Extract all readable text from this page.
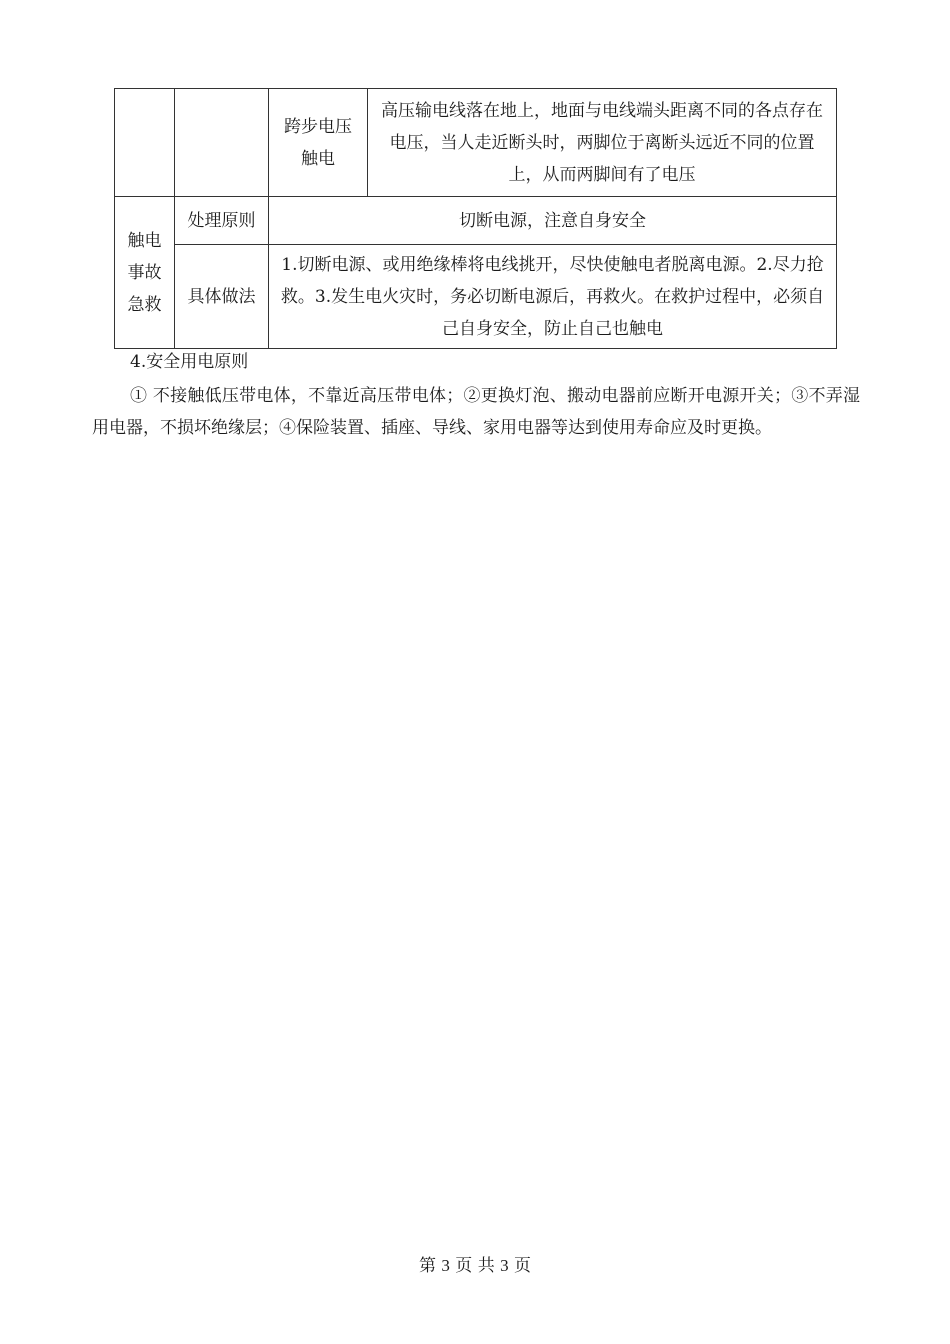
		跨步电压触电	高压输电线落在地上，地面与电线端头距离不同的各点存在电压，当人走近断头时，两脚位于离断头远近不同的位置上，从而两脚间有了电压

触电事故急救	处理原则	切断电源，注意自身安全	
	具体做法	1.切断电源、或用绝缘棒将电线挑开，尽快使触电者脱离电源。2.尽力抢救。3.发生电火灾时，务必切断电源后，再救火。在救护过程中，必须自己自身安全，防止自己也触电	
4.安全用电原则
① 不接触低压带电体，不靠近高压带电体；②更换灯泡、搬动电器前应断开电源开关；③不弄湿用电器，不损坏绝缘层；④保险装置、插座、导线、家用电器等达到使用寿命应及时更换。
第 3 页 共 3 页
